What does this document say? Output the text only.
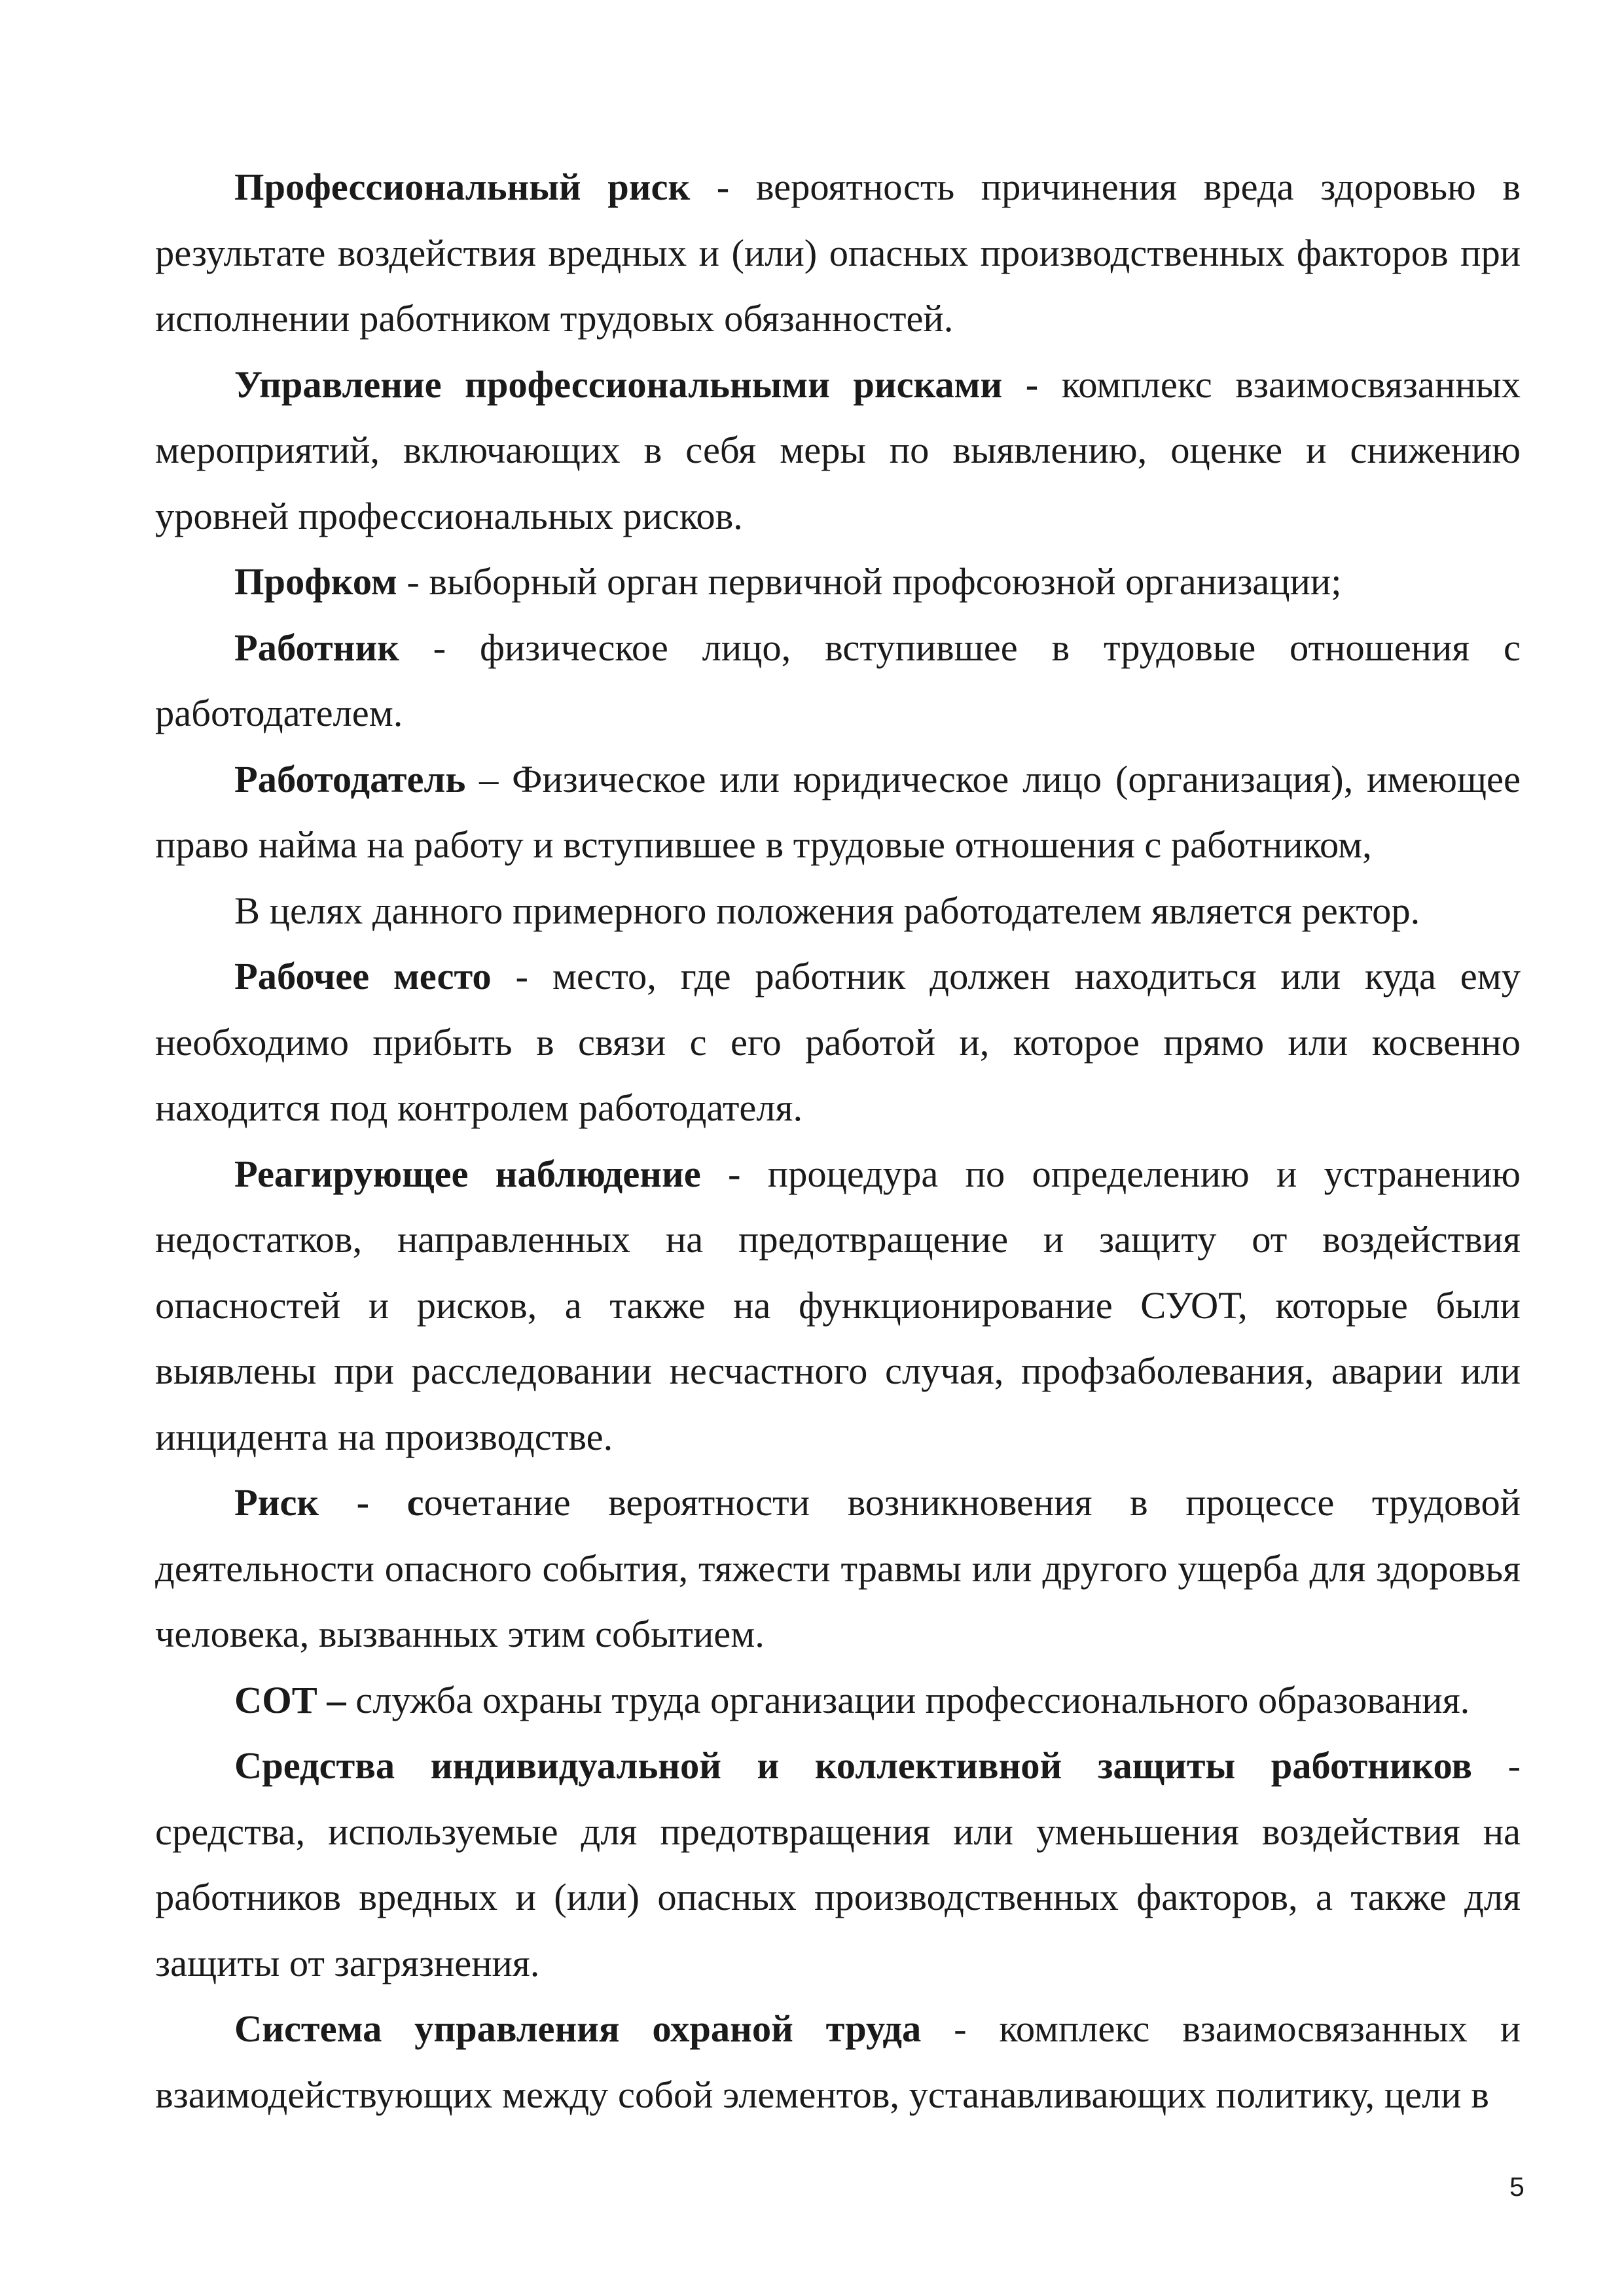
Профессиональный риск - вероятность причинения вреда здоровью в результате воздействия вредных и (или) опасных производственных факторов при исполнении работником трудовых обязанностей.

Управление профессиональными рисками - комплекс взаимосвязанных мероприятий, включающих в себя меры по выявлению, оценке и снижению уровней профессиональных рисков.

Профком - выборный орган первичной профсоюзной организации;

Работник - физическое лицо, вступившее в трудовые отношения с работодателем.

Работодатель – Физическое или юридическое лицо (организация), имеющее право найма на работу и вступившее в трудовые отношения с работником,

В целях данного примерного положения работодателем является ректор.

Рабочее место - место, где работник должен находиться или куда ему необходимо прибыть в связи с его работой и, которое прямо или косвенно находится под контролем работодателя.

Реагирующее наблюдение - процедура по определению и устранению недостатков, направленных на предотвращение и защиту от воздействия опасностей и рисков, а также на функционирование СУОТ, которые были выявлены при расследовании несчастного случая, профзаболевания, аварии или инцидента на производстве.

Риск - сочетание вероятности возникновения в процессе трудовой деятельности опасного события, тяжести травмы или другого ущерба для здоровья человека, вызванных этим событием.

СОТ – служба охраны труда организации профессионального образования.

Средства индивидуальной и коллективной защиты работников - средства, используемые для предотвращения или уменьшения воздействия на работников вредных и (или) опасных производственных факторов, а также для защиты от загрязнения.

Система управления охраной труда - комплекс взаимосвязанных и взаимодействующих между собой элементов, устанавливающих политику, цели в

5
